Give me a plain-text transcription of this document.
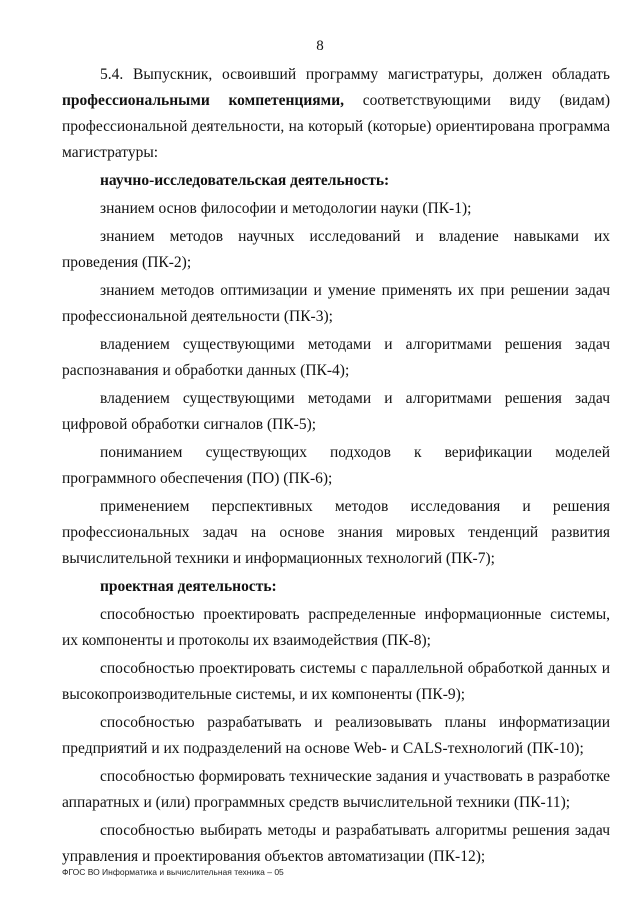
8

5.4. Выпускник, освоивший программу магистратуры, должен обладать профессиональными компетенциями, соответствующими виду (видам) профессиональной деятельности, на который (которые) ориентирована программа магистратуры:

научно-исследовательская деятельность:

знанием основ философии и методологии науки (ПК-1);

знанием методов научных исследований и владение навыками их проведения (ПК-2);

знанием методов оптимизации и умение применять их при решении задач профессиональной деятельности (ПК-3);

владением существующими методами и алгоритмами решения задач распознавания и обработки данных (ПК-4);

владением существующими методами и алгоритмами решения задач цифровой обработки сигналов (ПК-5);

пониманием существующих подходов к верификации моделей программного обеспечения (ПО) (ПК-6);

применением перспективных методов исследования и решения профессиональных задач на основе знания мировых тенденций развития вычислительной техники и информационных технологий (ПК-7);

проектная деятельность:

способностью проектировать распределенные информационные системы, их компоненты и протоколы их взаимодействия (ПК-8);

способностью проектировать системы с параллельной обработкой данных и высокопроизводительные системы, и их компоненты (ПК-9);

способностью разрабатывать и реализовывать планы информатизации предприятий и их подразделений на основе Web- и CALS-технологий (ПК-10);

способностью формировать технические задания и участвовать в разработке аппаратных и (или) программных средств вычислительной техники (ПК-11);

способностью выбирать методы и разрабатывать алгоритмы решения задач управления и проектирования объектов автоматизации (ПК-12);

ФГОС ВО Информатика и вычислительная техника – 05
